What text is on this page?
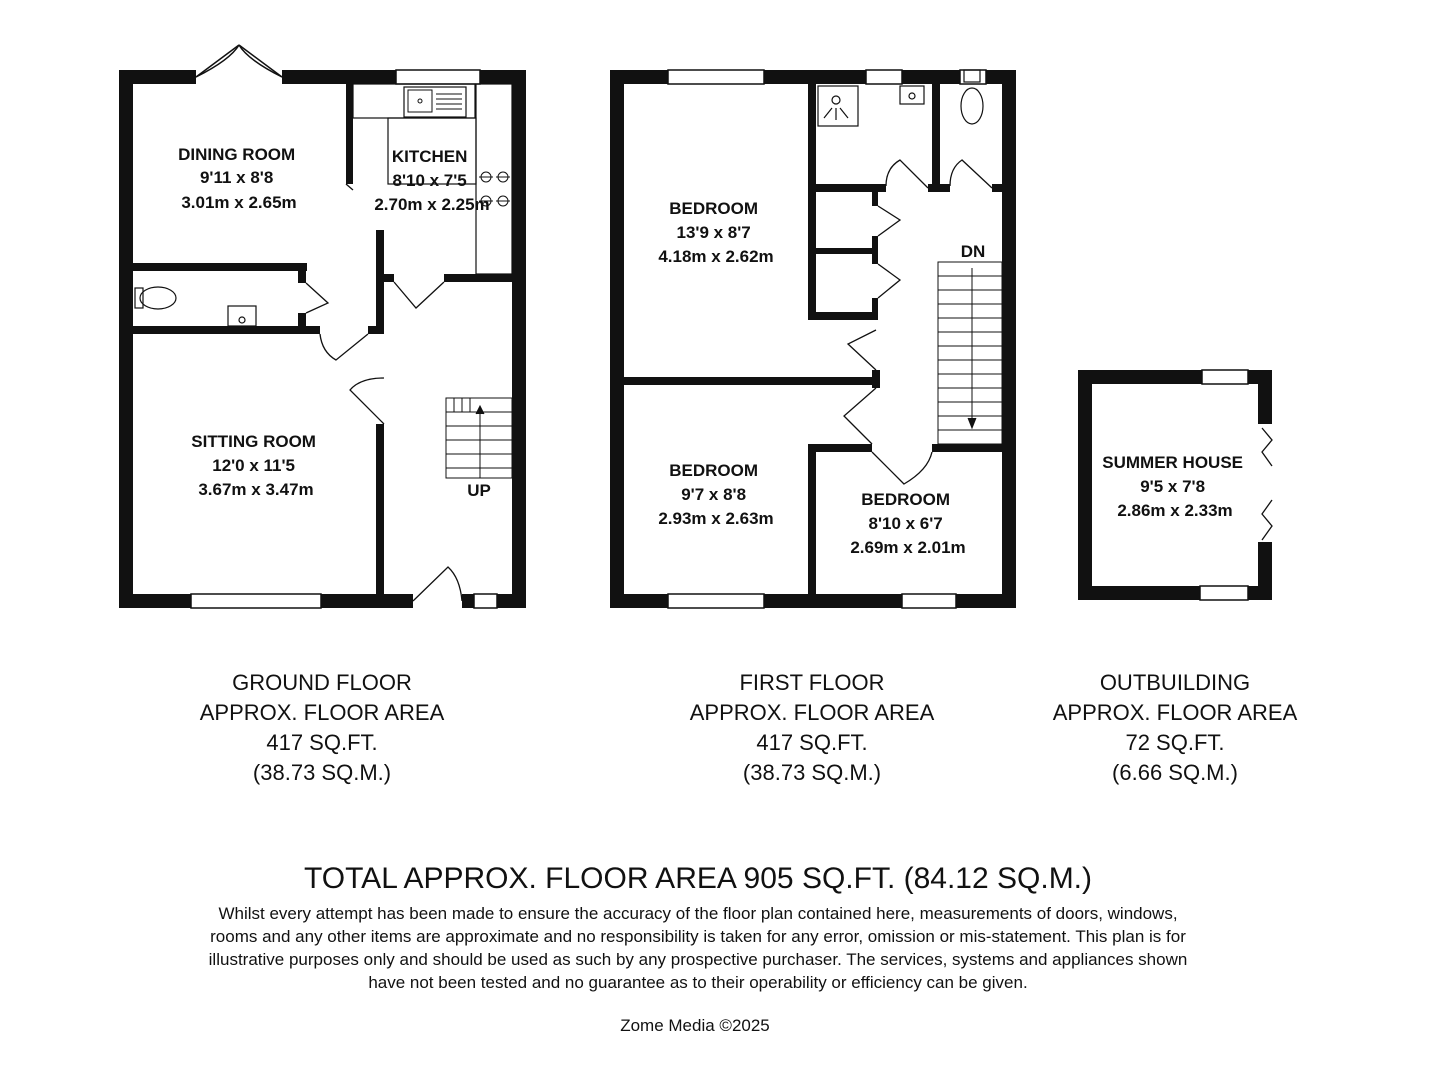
DINING ROOM 9'11 x 8'8 3.01m x 2.65m
KITCHEN 8'10 x 7'5 2.70m x 2.25m
SITTING ROOM 12'0 x 11'5 3.67m x 3.47m	UP
BEDROOM 13'9 x 8'7 4.18m x 2.62m
BEDROOM 9'7 x 8'8 2.93m x 2.63m
BEDROOM 8'10 x 6'7 2.69m x 2.01m
DN
SUMMER HOUSE 9'5 x 7'8 2.86m x 2.33m
GROUND FLOOR
APPROX. FLOOR AREA
417 SQ.FT.
(38.73 SQ.M.)
FIRST FLOOR
APPROX. FLOOR AREA
417 SQ.FT.
(38.73 SQ.M.)
OUTBUILDING
APPROX. FLOOR AREA
72 SQ.FT.
(6.66 SQ.M.)
TOTAL APPROX. FLOOR AREA 905 SQ.FT. (84.12 SQ.M.)
Whilst every attempt has been made to ensure the accuracy of the floor plan contained here, measurements of doors, windows, rooms and any other items are approximate and no responsibility is taken for any error, omission or mis-statement. This plan is for illustrative purposes only and should be used as such by any prospective purchaser. The services, systems and appliances shown have not been tested and no guarantee as to their operability or efficiency can be given.
Zome Media ©2025
